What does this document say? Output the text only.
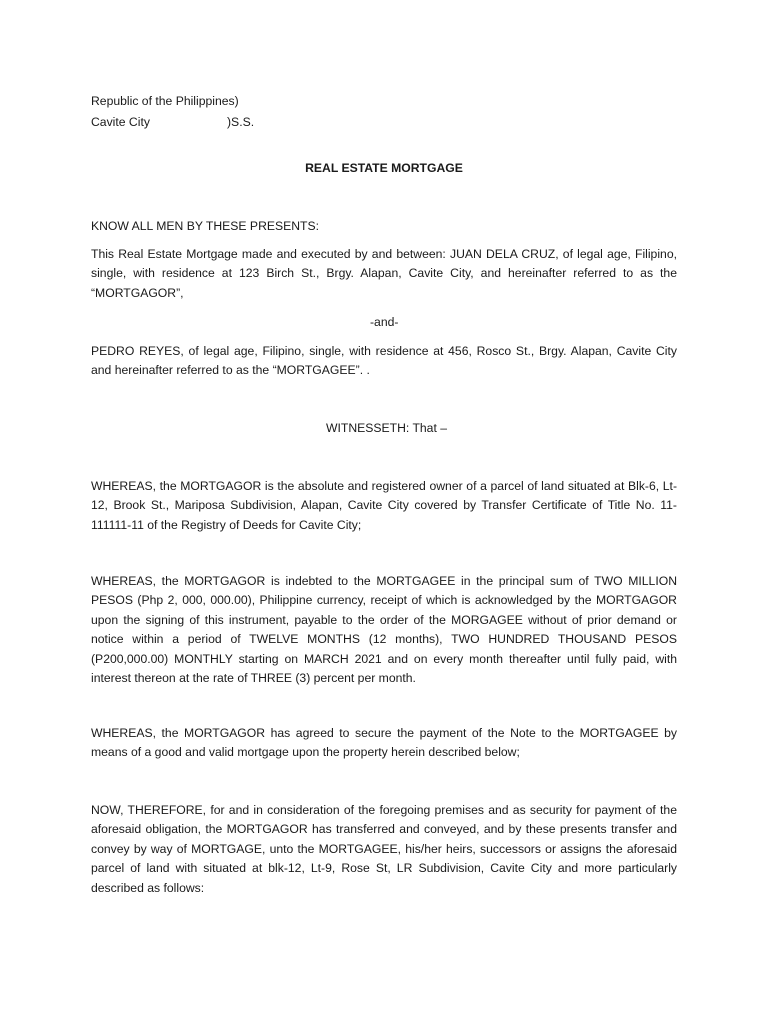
Republic of the Philippines)
Cavite City	)S.S.
REAL ESTATE MORTGAGE
KNOW ALL MEN BY THESE PRESENTS:
This Real Estate Mortgage made and executed by and between: JUAN DELA CRUZ, of legal age, Filipino, single, with residence at 123 Birch St., Brgy. Alapan, Cavite City, and hereinafter referred to as the “MORTGAGOR”,
-and-
PEDRO REYES, of legal age, Filipino, single, with residence at 456, Rosco St., Brgy. Alapan, Cavite City and hereinafter referred to as the “MORTGAGEE”. .
WITNESSETH: That –
WHEREAS, the MORTGAGOR is the absolute and registered owner of a parcel of land situated at Blk-6, Lt-12, Brook St., Mariposa Subdivision, Alapan, Cavite City covered by Transfer Certificate of Title No. 11-111111-11 of the Registry of Deeds for Cavite City;
WHEREAS, the MORTGAGOR is indebted to the MORTGAGEE in the principal sum of TWO MILLION PESOS (Php 2, 000, 000.00), Philippine currency, receipt of which is acknowledged by the MORTGAGOR upon the signing of this instrument, payable to the order of the MORGAGEE without of prior demand or notice within a period of TWELVE MONTHS (12 months), TWO HUNDRED THOUSAND PESOS (P200,000.00) MONTHLY starting on MARCH 2021 and on every month thereafter until fully paid, with interest thereon at the rate of THREE (3) percent per month.
WHEREAS, the MORTGAGOR has agreed to secure the payment of the Note to the MORTGAGEE by means of a good and valid mortgage upon the property herein described below;
NOW, THEREFORE, for and in consideration of the foregoing premises and as security for payment of the aforesaid obligation, the MORTGAGOR has transferred and conveyed, and by these presents transfer and convey by way of MORTGAGE, unto the MORTGAGEE, his/her heirs, successors or assigns the aforesaid parcel of land with situated at blk-12, Lt-9, Rose St, LR Subdivision, Cavite City and more particularly described as follows:
